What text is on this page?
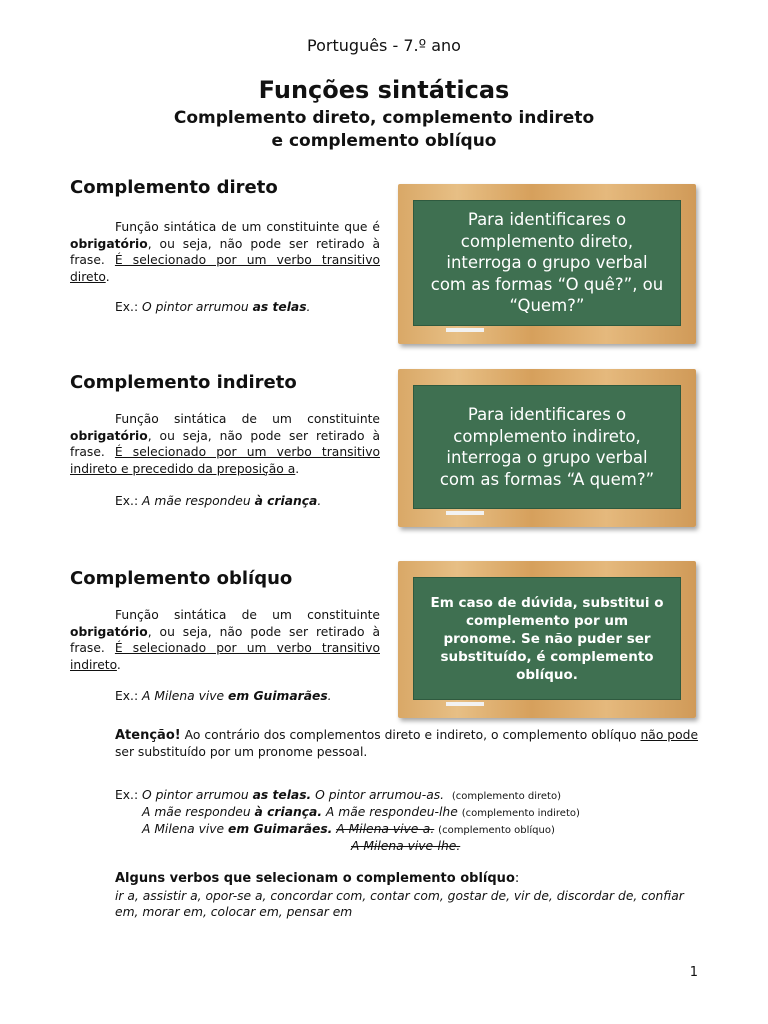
Português - 7.º ano
Funções sintáticas
Complemento direto, complemento indireto
e complemento oblíquo
Complemento direto
Função sintática de um constituinte que é obrigatório, ou seja, não pode ser retirado à frase. É selecionado por um verbo transitivo direto.
Ex.: O pintor arrumou as telas.
Para identificares o complemento direto, interroga o grupo verbal com as formas “O quê?”, ou “Quem?”
Complemento indireto
Função sintática de um constituinte obrigatório, ou seja, não pode ser retirado à frase. É selecionado por um verbo transitivo indireto e precedido da preposição a.
Ex.: A mãe respondeu à criança.
Para identificares o complemento indireto, interroga o grupo verbal com as formas “A quem?”
Complemento oblíquo
Função sintática de um constituinte obrigatório, ou seja, não pode ser retirado à frase. É selecionado por um verbo transitivo indireto.
Ex.: A Milena vive em Guimarães.
Em caso de dúvida, substitui o complemento por um pronome. Se não puder ser substituído, é complemento oblíquo.
Atenção! Ao contrário dos complementos direto e indireto, o complemento oblíquo não pode ser substituído por um pronome pessoal.
Ex.: O pintor arrumou as telas. O pintor arrumou-as. (complemento direto)
A mãe respondeu à criança. A mãe respondeu-lhe (complemento indireto)
A Milena vive em Guimarães. A Milena vive-a. (complemento oblíquo)
A Milena vive-lhe.
Alguns verbos que selecionam o complemento oblíquo:
ir a, assistir a, opor-se a, concordar com, contar com, gostar de, vir de, discordar de, confiar em, morar em, colocar em, pensar em
1
